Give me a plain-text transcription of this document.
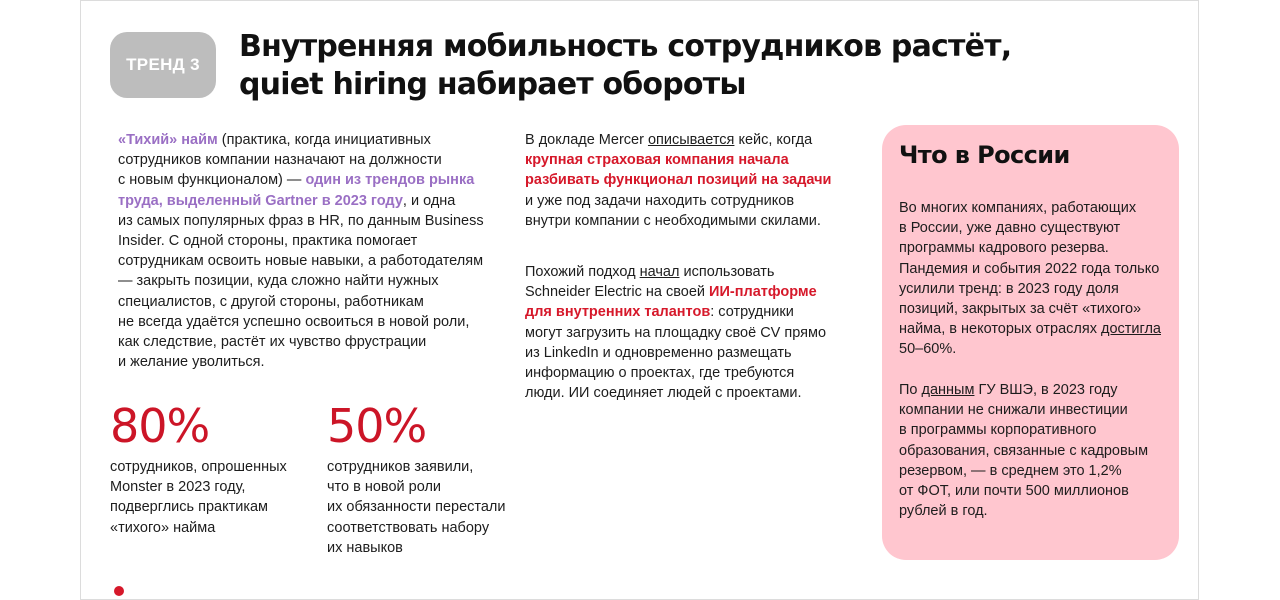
ТРЕНД 3
Внутренняя мобильность сотрудников растёт,
quiet hiring набирает обороты
«Тихий» найм (практика, когда инициативных
сотрудников компании назначают на должности
с новым функционалом) — один из трендов рынка
труда, выделенный Gartner в 2023 году, и одна
из самых популярных фраз в HR, по данным Business
Insider. С одной стороны, практика помогает
сотрудникам освоить новые навыки, а работодателям
— закрыть позиции, куда сложно найти нужных
специалистов, с другой стороны, работникам
не всегда удаётся успешно освоиться в новой роли,
как следствие, растёт их чувство фрустрации
и желание уволиться.
В докладе Mercer описывается кейс, когда
крупная страховая компания начала
разбивать функционал позиций на задачи
и уже под задачи находить сотрудников
внутри компании с необходимыми скилами.
Похожий подход начал использовать
Schneider Electric на своей ИИ-платформе
для внутренних талантов: сотрудники
могут загрузить на площадку своё CV прямо
из LinkedIn и одновременно размещать
информацию о проектах, где требуются
люди. ИИ соединяет людей с проектами.
80%
сотрудников, опрошенных
Monster в 2023 году,
подверглись практикам
«тихого» найма
50%
сотрудников заявили,
что в новой роли
их обязанности перестали
соответствовать набору
их навыков
Что в России
Во многих компаниях, работающих
в России, уже давно существуют
программы кадрового резерва.
Пандемия и события 2022 года только
усилили тренд: в 2023 году доля
позиций, закрытых за счёт «тихого»
найма, в некоторых отраслях достигла
50–60%.
По данным ГУ ВШЭ, в 2023 году
компании не снижали инвестиции
в программы корпоративного
образования, связанные с кадровым
резервом, — в среднем это 1,2%
от ФОТ, или почти 500 миллионов
рублей в год.
